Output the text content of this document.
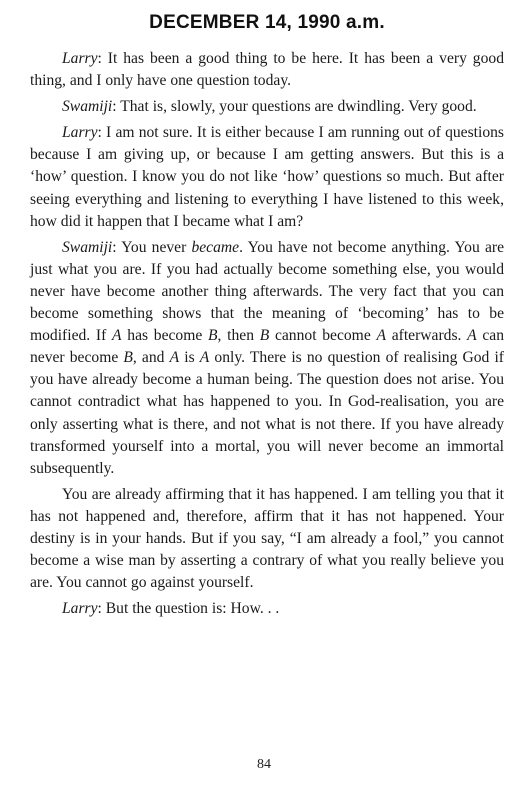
DECEMBER 14, 1990 a.m.

Larry: It has been a good thing to be here. It has been a very good thing, and I only have one question today.

Swamiji: That is, slowly, your questions are dwindling. Very good.

Larry: I am not sure. It is either because I am running out of questions because I am giving up, or because I am getting answers. But this is a ‘how’ question. I know you do not like ‘how’ questions so much. But after seeing everything and listening to everything I have listened to this week, how did it happen that I became what I am?

Swamiji: You never became. You have not become anything. You are just what you are. If you had actually become something else, you would never have become another thing afterwards. The very fact that you can become something shows that the meaning of ‘becoming’ has to be modified. If A has become B, then B cannot become A afterwards. A can never become B, and A is A only. There is no question of realising God if you have already become a human being. The question does not arise. You cannot contradict what has happened to you. In God-realisation, you are only asserting what is there, and not what is not there. If you have already transformed yourself into a mortal, you will never become an immortal subsequently.

You are already affirming that it has happened. I am telling you that it has not happened and, therefore, affirm that it has not happened. Your destiny is in your hands. But if you say, “I am already a fool,” you cannot become a wise man by asserting a contrary of what you really believe you are. You cannot go against yourself.

Larry: But the question is: How. . .

84
